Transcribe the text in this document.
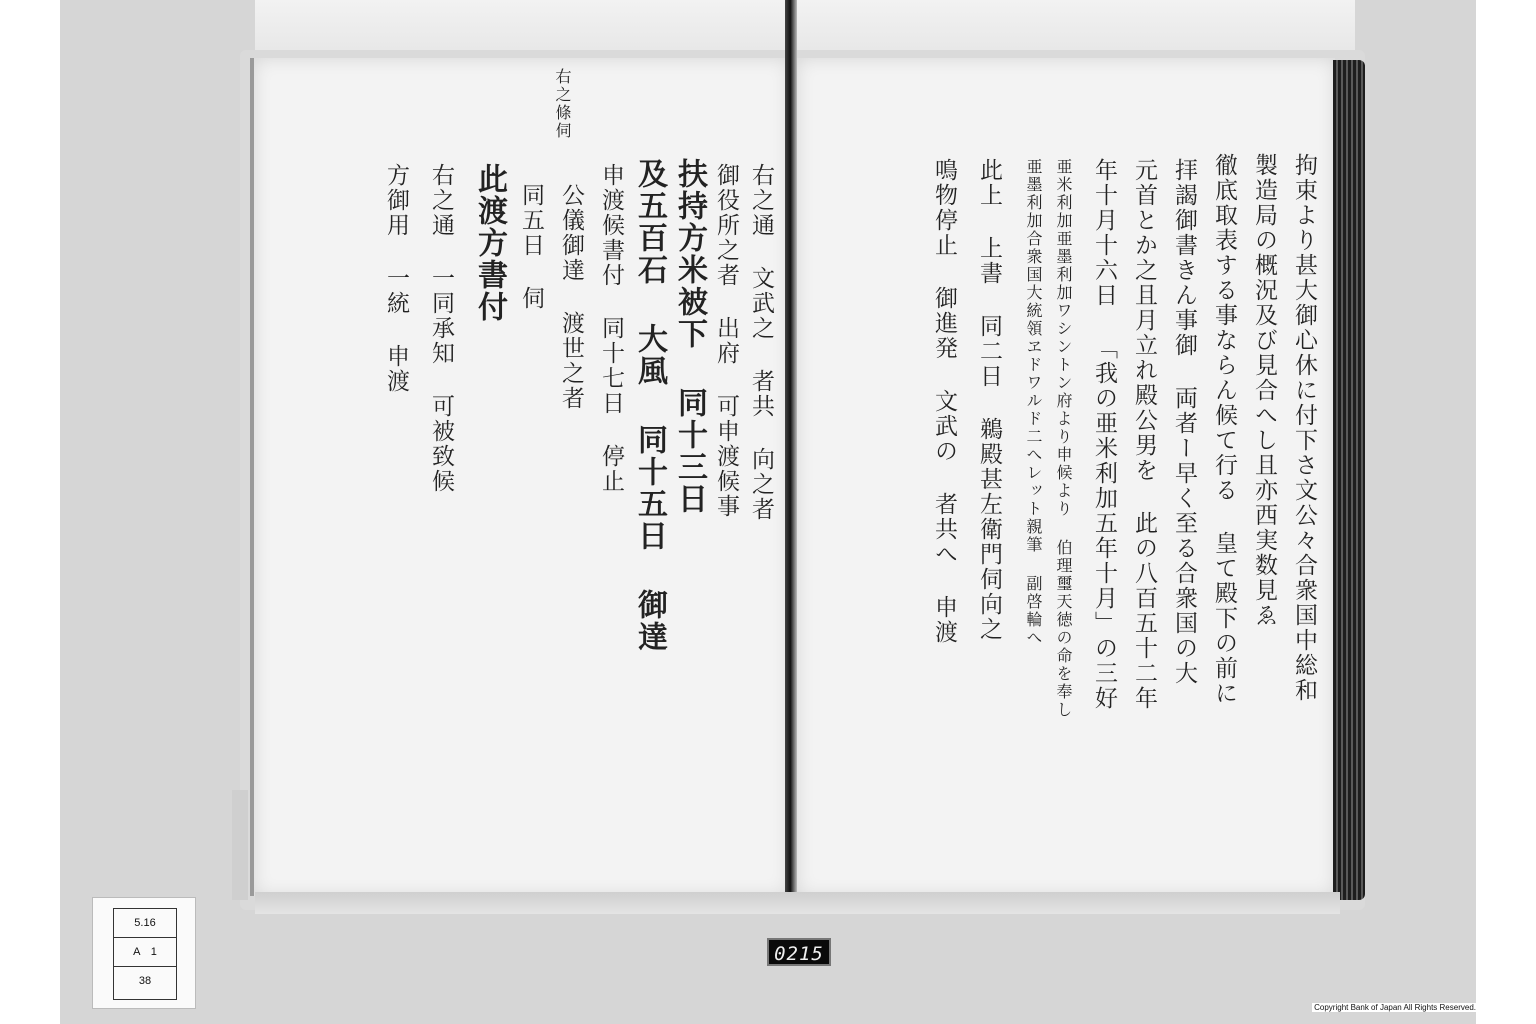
右之條伺
右之通 文武之 者共 向之者
御役所之者 出府 可申渡候事
扶持方米被下 同十三日
及五百石 大風 同十五日 御達
申渡候書付 同十七日 停止
公儀御達 渡世之者
同五日 伺
此渡方書付
右之通 一同承知 可被致候
方御用 一統 申渡	拘束より甚大御心休に付下さ文公々合衆国中総和
製造局の概況及び見合へし且亦西実数見ゑ
徹底取表する事ならん候て行る 皇て殿下の前に
拝謁御書きん事御 両者ー早く至る合衆国の大
元首とか之且月立れ殿公男を 此の八百五十二年
年十月十六日 「我の亜米利加五年十月」の三好
亜米利加亜墨利加ワシントン府より申候より 伯理璽天徳の命を奉し
亜墨利加合衆国大統領ヱドワルド二へレット親筆 副啓輪へ
此上 上書 同二日 鵜殿甚左衛門伺向之
鳴物停止 御進発 文武の 者共へ 申渡
5.16
A　1
38
0215
Copyright Bank of Japan All Rights Reserved.
